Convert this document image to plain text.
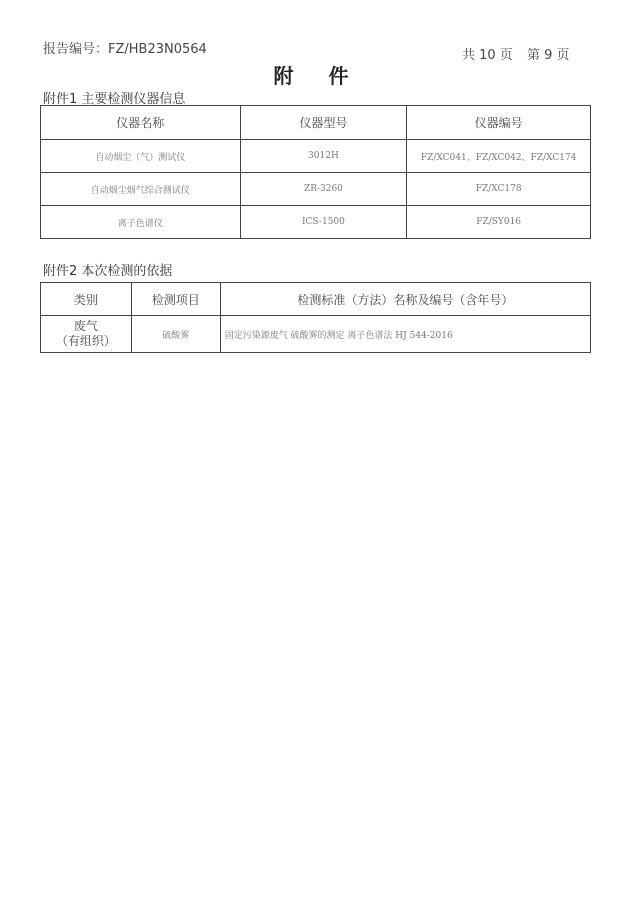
报告编号：FZ/HB23N0564	共 10 页 第 9 页
附 件
附件1 主要检测仪器信息
仪器名称	仪器型号	仪器编号
自动烟尘（气）测试仪	3012H	FZ/XC041、FZ/XC042、FZ/XC174
自动烟尘烟气综合测试仪	ZR-3260	FZ/XC178
离子色谱仪	ICS-1500	FZ/SY016
附件2 本次检测的依据
类别	检测项目	检测标准（方法）名称及编号（含年号）

废气
（有组织）	硫酸雾	固定污染源废气 硫酸雾的测定 离子色谱法 HJ 544-2016
